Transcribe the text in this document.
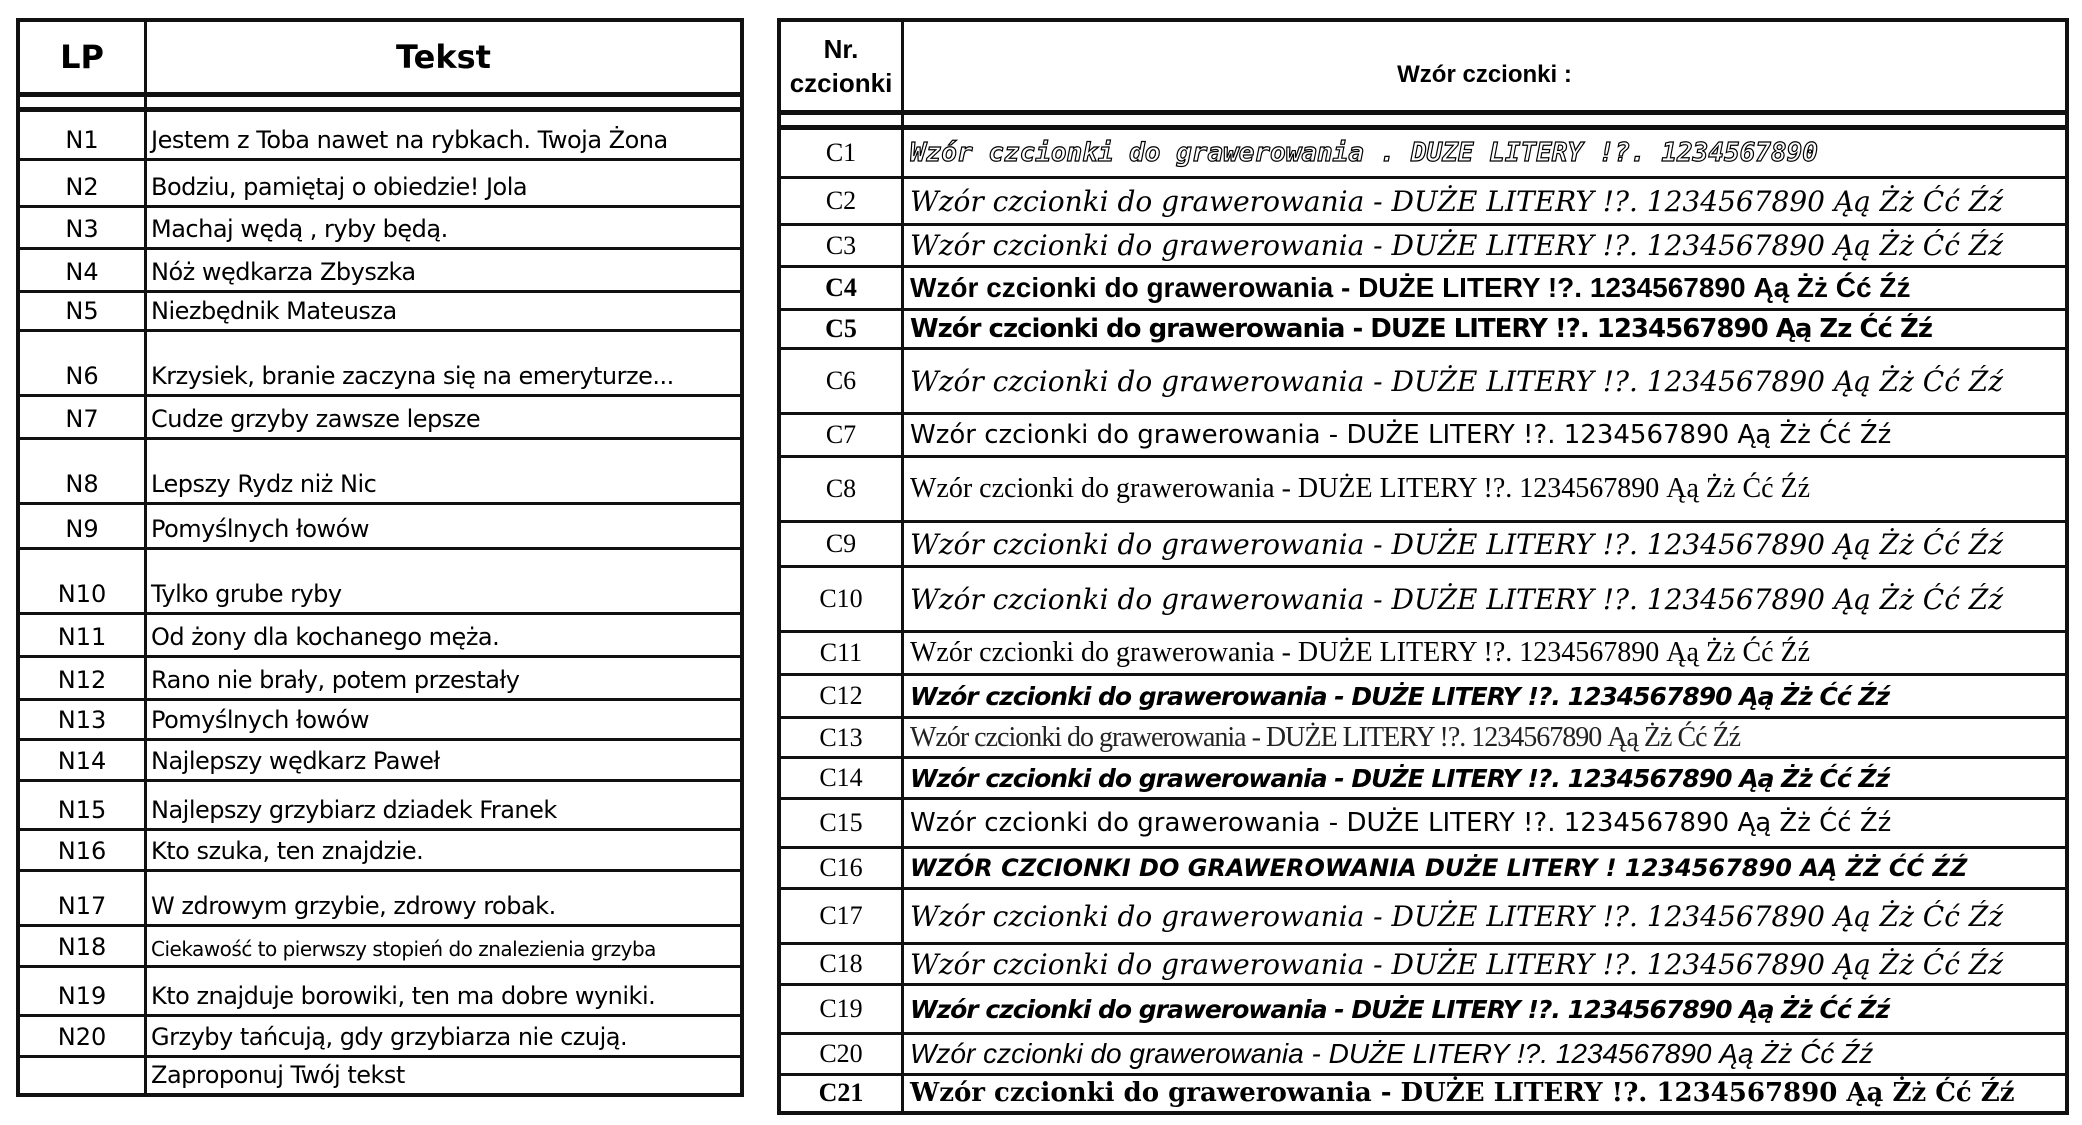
LP	Tekst

N1	Jestem z Toba nawet na rybkach. Twoja Żona
N2	Bodziu, pamiętaj o obiedzie! Jola
N3	Machaj wędą , ryby będą.
N4	Nóż wędkarza Zbyszka
N5	Niezbędnik Mateusza
N6	Krzysiek, branie zaczyna się na emeryturze...
N7	Cudze grzyby zawsze lepsze
N8	Lepszy Rydz niż Nic
N9	Pomyślnych łowów
N10	Tylko grube ryby
N11	Od żony dla kochanego męża.
N12	Rano nie brały, potem przestały
N13	Pomyślnych łowów
N14	Najlepszy wędkarz Paweł
N15	Najlepszy grzybiarz dziadek Franek
N16	Kto szuka, ten znajdzie.
N17	W zdrowym grzybie, zdrowy robak.
N18	Ciekawość to pierwszy stopień do znalezienia grzyba
N19	Kto znajduje borowiki, ten ma dobre wyniki.
N20	Grzyby tańcują, gdy grzybiarza nie czują.
	Zaproponuj Twój tekst
Nr.
czcionki	Wzór czcionki :

C1	Wzór czcionki do grawerowania . DUZE LITERY !?. 1234567890
C2	Wzór czcionki do grawerowania - DUŻE LITERY !?. 1234567890 Ąą Żż Ćć Źź
C3	Wzór czcionki do grawerowania - DUŻE LITERY !?. 1234567890 Ąą Żż Ćć Źź
C4	Wzór czcionki do grawerowania - DUŻE LITERY !?. 1234567890 Ąą Żż Ćć Źź
C5	Wzór czcionki do grawerowania - DUZE LITERY !?. 1234567890 Ąą Zz Ćć Źź
C6	Wzór czcionki do grawerowania - DUŻE LITERY !?. 1234567890 Ąą Żż Ćć Źź
C7	Wzór czcionki do grawerowania - DUŻE LITERY !?. 1234567890 Ąą Żż Ćć Źź
C8	Wzór czcionki do grawerowania - DUŻE LITERY !?. 1234567890 Ąą Żż Ćć Źź
C9	Wzór czcionki do grawerowania - DUŻE LITERY !?. 1234567890 Ąą Żż Ćć Źź
C10	Wzór czcionki do grawerowania - DUŻE LITERY !?. 1234567890 Ąą Żż Ćć Źź
C11	Wzór czcionki do grawerowania - DUŻE LITERY !?. 1234567890 Ąą Żż Ćć Źź
C12	Wzór czcionki do grawerowania - DUŻE LITERY !?. 1234567890 Ąą Żż Ćć Źź
C13	Wzór czcionki do grawerowania - DUŻE LITERY !?. 1234567890 Ąą Żż Ćć Źź
C14	Wzór czcionki do grawerowania - DUŻE LITERY !?. 1234567890 Ąą Żż Ćć Źź
C15	Wzór czcionki do grawerowania - DUŻE LITERY !?. 1234567890 Ąą Żż Ćć Źź
C16	WZÓR CZCIONKI DO GRAWEROWANIA DUŻE LITERY ! 1234567890 AĄ ŻŻ ĆĆ ŹŹ
C17	Wzór czcionki do grawerowania - DUŻE LITERY !?. 1234567890 Ąą Żż Ćć Źź
C18	Wzór czcionki do grawerowania - DUŻE LITERY !?. 1234567890 Ąą Żż Ćć Źź
C19	Wzór czcionki do grawerowania - DUŻE LITERY !?. 1234567890 Ąą Żż Ćć Źź
C20	Wzór czcionki do grawerowania - DUŻE LITERY !?. 1234567890 Ąą Żż Ćć Źź
C21	Wzór czcionki do grawerowania - DUŻE LITERY !?. 1234567890 Ąą Żż Ćć Źź
